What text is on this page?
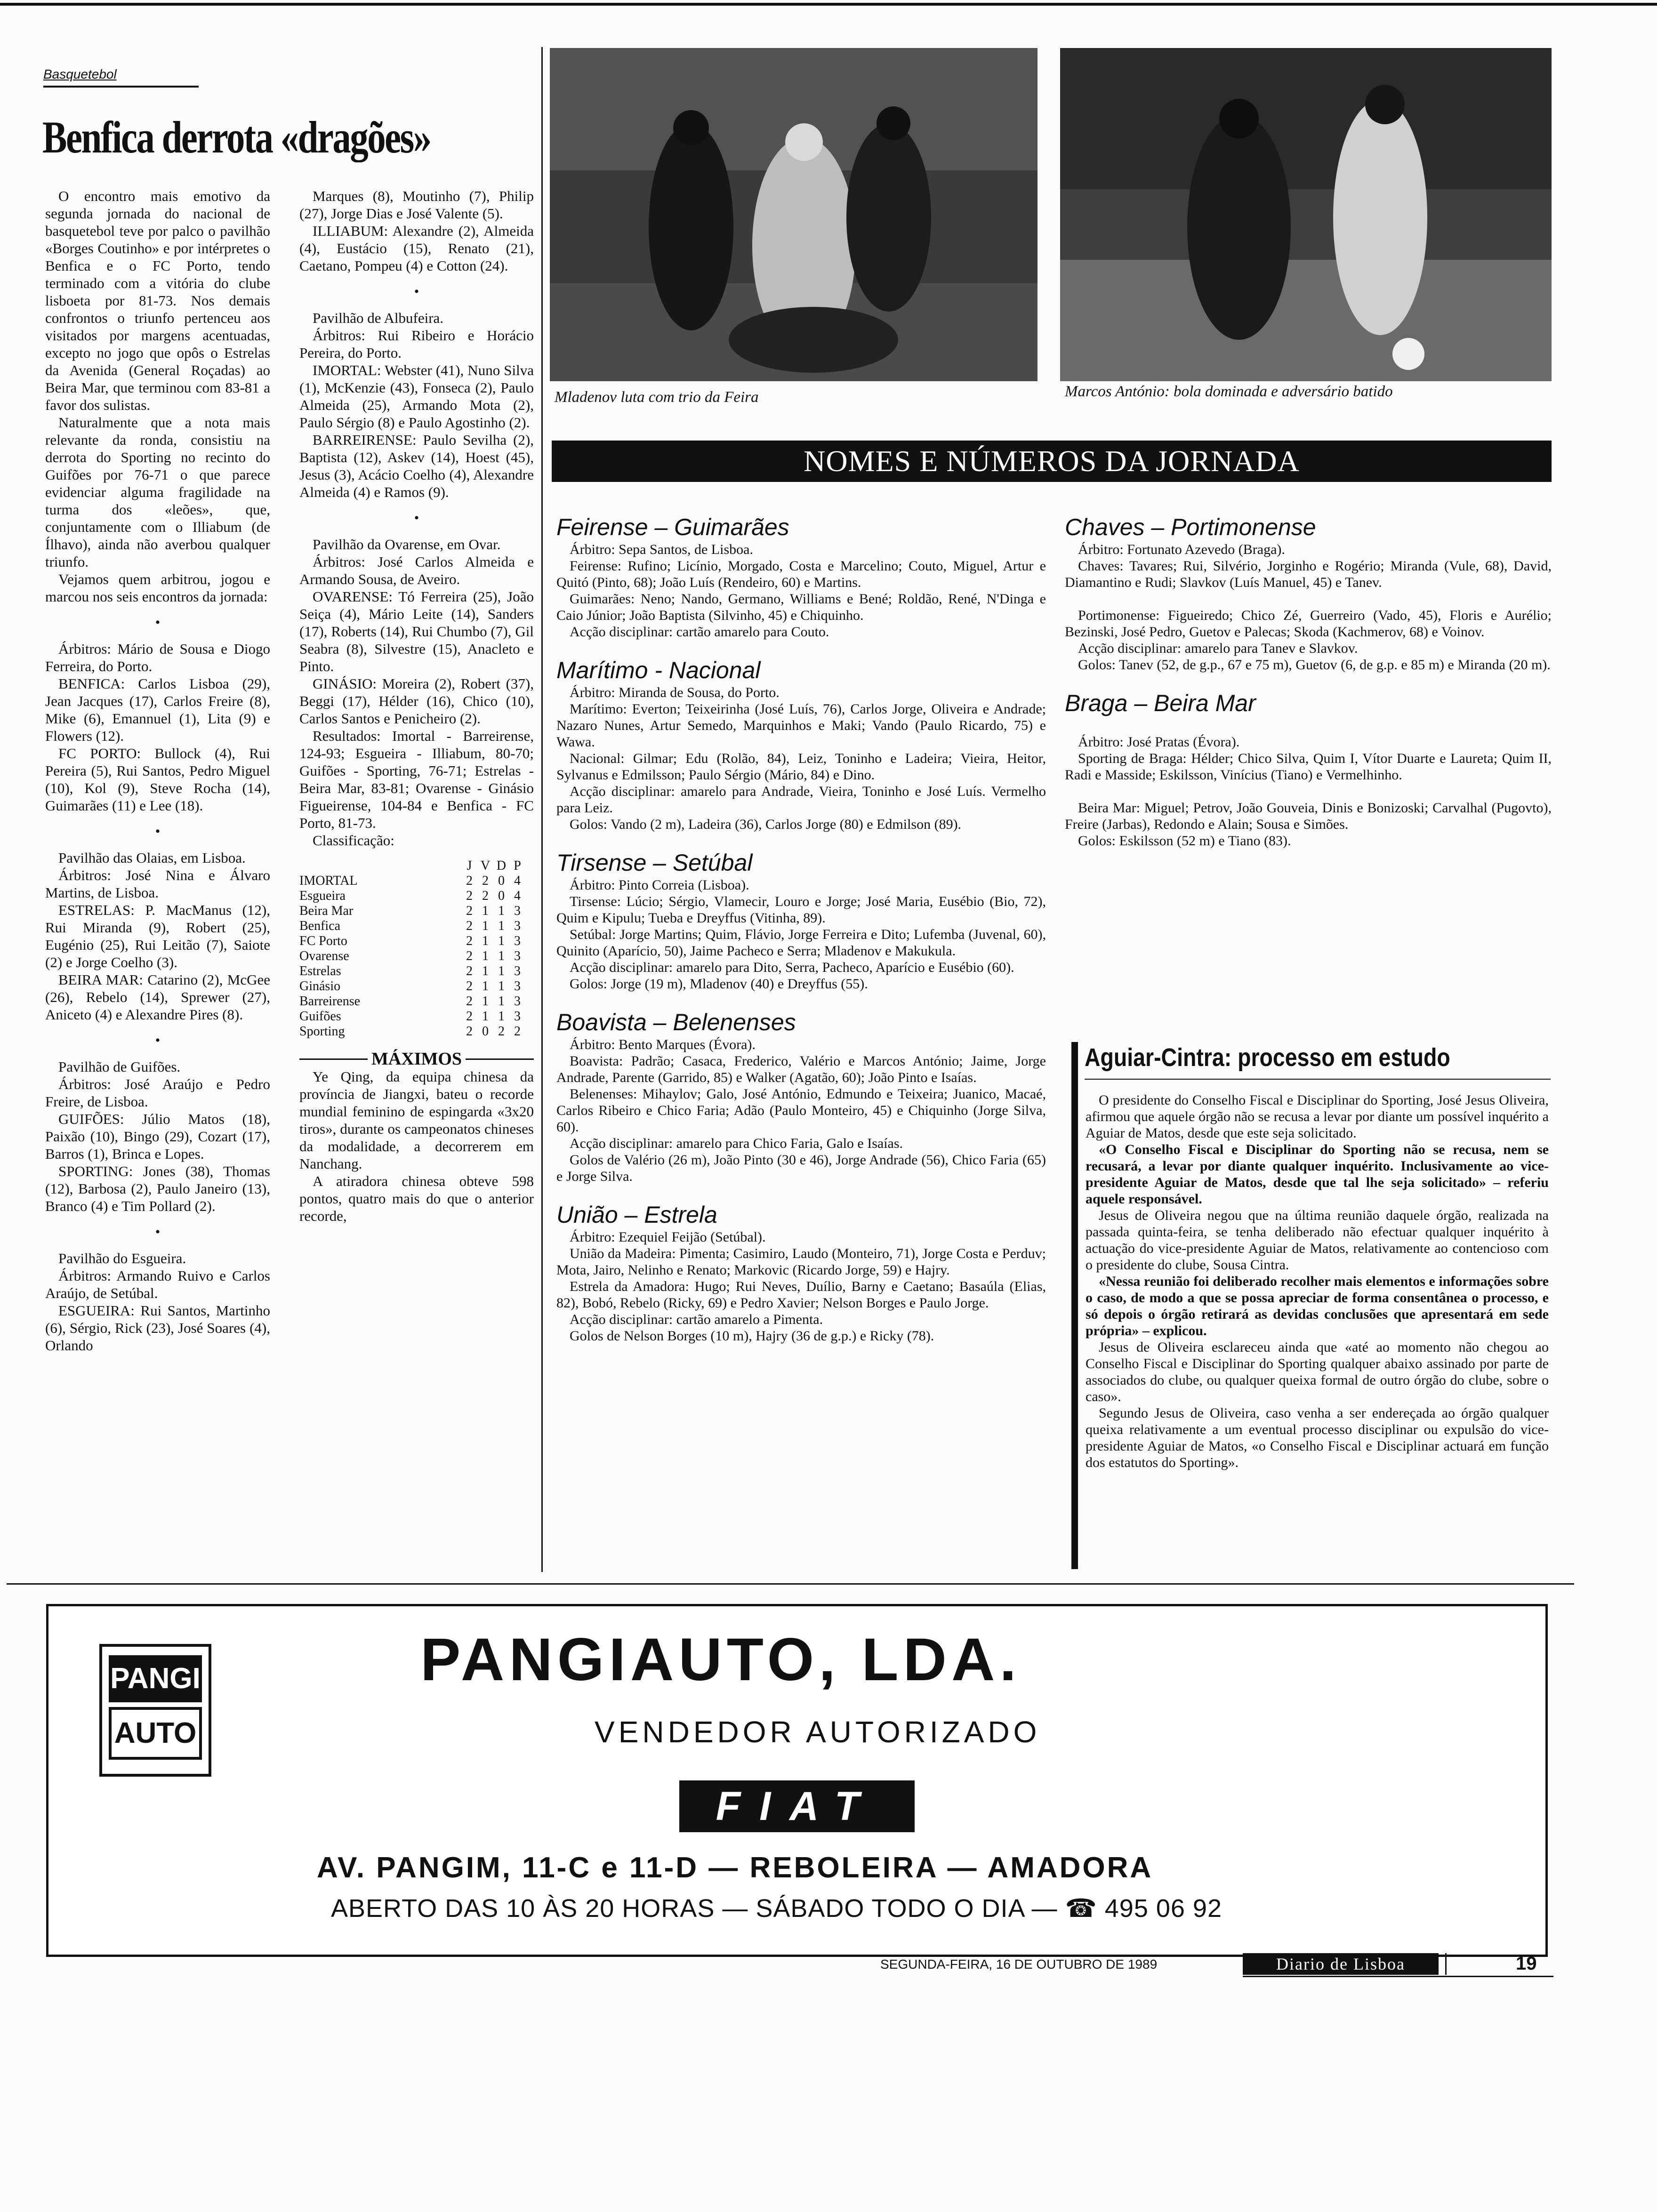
Basquetebol
Benfica derrota «dragões»

O encontro mais emotivo da segunda jornada do nacional de basquetebol teve por palco o pavilhão «Borges Coutinho» e por intérpretes o Benfica e o FC Porto, tendo terminado com a vitória do clube lisboeta por 81-73. Nos demais confrontos o triunfo pertenceu aos visitados por margens acentuadas, excepto no jogo que opôs o Estrelas da Avenida (General Roçadas) ao Beira Mar, que terminou com 83-81 a favor dos sulistas.

Naturalmente que a nota mais relevante da ronda, consistiu na derrota do Sporting no recinto do Guifões por 76-71 o que parece evidenciar alguma fragilidade na turma dos «leões», que, conjuntamente com o Illiabum (de Ílhavo), ainda não averbou qualquer triunfo.

Vejamos quem arbitrou, jogou e marcou nos seis encontros da jornada:

•

Árbitros: Mário de Sousa e Diogo Ferreira, do Porto.

BENFICA: Carlos Lisboa (29), Jean Jacques (17), Carlos Freire (8), Mike (6), Emannuel (1), Lita (9) e Flowers (12).

FC PORTO: Bullock (4), Rui Pereira (5), Rui Santos, Pedro Miguel (10), Kol (9), Steve Rocha (14), Guimarães (11) e Lee (18).

•

Pavilhão das Olaias, em Lisboa.

Árbitros: José Nina e Álvaro Martins, de Lisboa.

ESTRELAS: P. MacManus (12), Rui Miranda (9), Robert (25), Eugénio (25), Rui Leitão (7), Saiote (2) e Jorge Coelho (3).

BEIRA MAR: Catarino (2), McGee (26), Rebelo (14), Sprewer (27), Aniceto (4) e Alexandre Pires (8).

•

Pavilhão de Guifões.

Árbitros: José Araújo e Pedro Freire, de Lisboa.

GUIFÕES: Júlio Matos (18), Paixão (10), Bingo (29), Cozart (17), Barros (1), Brinca e Lopes.

SPORTING: Jones (38), Thomas (12), Barbosa (2), Paulo Janeiro (13), Branco (4) e Tim Pollard (2).

•

Pavilhão do Esgueira.

Árbitros: Armando Ruivo e Carlos Araújo, de Setúbal.

ESGUEIRA: Rui Santos, Martinho (6), Sérgio, Rick (23), José Soares (4), Orlando

Marques (8), Moutinho (7), Philip (27), Jorge Dias e José Valente (5).

ILLIABUM: Alexandre (2), Almeida (4), Eustácio (15), Renato (21), Caetano, Pompeu (4) e Cotton (24).

•

Pavilhão de Albufeira.

Árbitros: Rui Ribeiro e Horácio Pereira, do Porto.

IMORTAL: Webster (41), Nuno Silva (1), McKenzie (43), Fonseca (2), Paulo Almeida (25), Armando Mota (2), Paulo Sérgio (8) e Paulo Agostinho (2).

BARREIRENSE: Paulo Sevilha (2), Baptista (12), Askev (14), Hoest (45), Jesus (3), Acácio Coelho (4), Alexandre Almeida (4) e Ramos (9).

•

Pavilhão da Ovarense, em Ovar.

Árbitros: José Carlos Almeida e Armando Sousa, de Aveiro.

OVARENSE: Tó Ferreira (25), João Seiça (4), Mário Leite (14), Sanders (17), Roberts (14), Rui Chumbo (7), Gil Seabra (8), Silvestre (15), Anacleto e Pinto.

GINÁSIO: Moreira (2), Robert (37), Beggi (17), Hélder (16), Chico (10), Carlos Santos e Penicheiro (2).

Resultados: Imortal - Barreirense, 124-93; Esgueira - Illiabum, 80-70; Guifões - Sporting, 76-71; Estrelas - Beira Mar, 83-81; Ovarense - Ginásio Figueirense, 104-84 e Benfica - FC Porto, 81-73.

Classificação:

	J	V	D	P
IMORTAL	2	2	0	4
Esgueira	2	2	0	4
Beira Mar	2	1	1	3
Benfica	2	1	1	3
FC Porto	2	1	1	3
Ovarense	2	1	1	3
Estrelas	2	1	1	3
Ginásio	2	1	1	3
Barreirense	2	1	1	3
Guifões	2	1	1	3
Sporting	2	0	2	2
MÁXIMOS

Ye Qing, da equipa chinesa da província de Jiangxi, bateu o recorde mundial feminino de espingarda «3x20 tiros», durante os campeonatos chineses da modalidade, a decorrerem em Nanchang.

A atiradora chinesa obteve 598 pontos, quatro mais do que o anterior recorde,

Mladenov luta com trio da Feira	Marcos António: bola dominada e adversário batido
NOMES E NÚMEROS DA JORNADA
Feirense – Guimarães

Árbitro: Sepa Santos, de Lisboa.

Feirense: Rufino; Licínio, Morgado, Costa e Marcelino; Couto, Miguel, Artur e Quitó (Pinto, 68); João Luís (Rendeiro, 60) e Martins.

Guimarães: Neno; Nando, Germano, Williams e Bené; Roldão, René, N'Dinga e Caio Júnior; João Baptista (Silvinho, 45) e Chiquinho.

Acção disciplinar: cartão amarelo para Couto.

Marítimo - Nacional

Árbitro: Miranda de Sousa, do Porto.

Marítimo: Everton; Teixeirinha (José Luís, 76), Carlos Jorge, Oliveira e Andrade; Nazaro Nunes, Artur Semedo, Marquinhos e Maki; Vando (Paulo Ricardo, 75) e Wawa.

Nacional: Gilmar; Edu (Rolão, 84), Leiz, Toninho e Ladeira; Vieira, Heitor, Sylvanus e Edmilsson; Paulo Sérgio (Mário, 84) e Dino.

Acção disciplinar: amarelo para Andrade, Vieira, Toninho e José Luís. Vermelho para Leiz.

Golos: Vando (2 m), Ladeira (36), Carlos Jorge (80) e Edmilson (89).

Tirsense – Setúbal

Árbitro: Pinto Correia (Lisboa).

Tirsense: Lúcio; Sérgio, Vlamecir, Louro e Jorge; José Maria, Eusébio (Bio, 72), Quim e Kipulu; Tueba e Dreyffus (Vitinha, 89).

Setúbal: Jorge Martins; Quim, Flávio, Jorge Ferreira e Dito; Lufemba (Juvenal, 60), Quinito (Aparício, 50), Jaime Pacheco e Serra; Mladenov e Makukula.

Acção disciplinar: amarelo para Dito, Serra, Pacheco, Aparício e Eusébio (60).

Golos: Jorge (19 m), Mladenov (40) e Dreyffus (55).

Boavista – Belenenses

Árbitro: Bento Marques (Évora).

Boavista: Padrão; Casaca, Frederico, Valério e Marcos António; Jaime, Jorge Andrade, Parente (Garrido, 85) e Walker (Agatão, 60); João Pinto e Isaías.

Belenenses: Mihaylov; Galo, José António, Edmundo e Teixeira; Juanico, Macaé, Carlos Ribeiro e Chico Faria; Adão (Paulo Monteiro, 45) e Chiquinho (Jorge Silva, 60).

Acção disciplinar: amarelo para Chico Faria, Galo e Isaías.

Golos de Valério (26 m), João Pinto (30 e 46), Jorge Andrade (56), Chico Faria (65) e Jorge Silva.

União – Estrela

Árbitro: Ezequiel Feijão (Setúbal).

União da Madeira: Pimenta; Casimiro, Laudo (Monteiro, 71), Jorge Costa e Perduv; Mota, Jairo, Nelinho e Renato; Markovic (Ricardo Jorge, 59) e Hajry.

Estrela da Amadora: Hugo; Rui Neves, Duílio, Barny e Caetano; Basaúla (Elias, 82), Bobó, Rebelo (Ricky, 69) e Pedro Xavier; Nelson Borges e Paulo Jorge.

Acção disciplinar: cartão amarelo a Pimenta.

Golos de Nelson Borges (10 m), Hajry (36 de g.p.) e Ricky (78).

Chaves – Portimonense

Árbitro: Fortunato Azevedo (Braga).

Chaves: Tavares; Rui, Silvério, Jorginho e Rogério; Miranda (Vule, 68), David, Diamantino e Rudi; Slavkov (Luís Manuel, 45) e Tanev.

Portimonense: Figueiredo; Chico Zé, Guerreiro (Vado, 45), Floris e Aurélio; Bezinski, José Pedro, Guetov e Palecas; Skoda (Kachmerov, 68) e Voinov.

Acção disciplinar: amarelo para Tanev e Slavkov.

Golos: Tanev (52, de g.p., 67 e 75 m), Guetov (6, de g.p. e 85 m) e Miranda (20 m).

Braga – Beira Mar

Árbitro: José Pratas (Évora).

Sporting de Braga: Hélder; Chico Silva, Quim I, Vítor Duarte e Laureta; Quim II, Radi e Masside; Eskilsson, Vinícius (Tiano) e Vermelhinho.

Beira Mar: Miguel; Petrov, João Gouveia, Dinis e Bonizoski; Carvalhal (Pugovto), Freire (Jarbas), Redondo e Alain; Sousa e Simões.

Golos: Eskilsson (52 m) e Tiano (83).

Aguiar-Cintra: processo em estudo

O presidente do Conselho Fiscal e Disciplinar do Sporting, José Jesus Oliveira, afirmou que aquele órgão não se recusa a levar por diante um possível inquérito a Aguiar de Matos, desde que este seja solicitado.

«O Conselho Fiscal e Disciplinar do Sporting não se recusa, nem se recusará, a levar por diante qualquer inquérito. Inclusivamente ao vice-presidente Aguiar de Matos, desde que tal lhe seja solicitado» – referiu aquele responsável.

Jesus de Oliveira negou que na última reunião daquele órgão, realizada na passada quinta-feira, se tenha deliberado não efectuar qualquer inquérito à actuação do vice-presidente Aguiar de Matos, relativamente ao contencioso com o presidente do clube, Sousa Cintra.

«Nessa reunião foi deliberado recolher mais elementos e informações sobre o caso, de modo a que se possa apreciar de forma consentânea o processo, e só depois o órgão retirará as devidas conclusões que apresentará em sede própria» – explicou.

Jesus de Oliveira esclareceu ainda que «até ao momento não chegou ao Conselho Fiscal e Disciplinar do Sporting qualquer abaixo assinado por parte de associados do clube, ou qualquer queixa formal de outro órgão do clube, sobre o caso».

Segundo Jesus de Oliveira, caso venha a ser endereçada ao órgão qualquer queixa relativamente a um eventual processo disciplinar ou expulsão do vice-presidente Aguiar de Matos, «o Conselho Fiscal e Disciplinar actuará em função dos estatutos do Sporting».

PANGI
AUTO
PANGIAUTO, LDA.
VENDEDOR AUTORIZADO
FIAT
AV. PANGIM, 11-C e 11-D — REBOLEIRA — AMADORA
ABERTO DAS 10 ÀS 20 HORAS — SÁBADO TODO O DIA — ☎ 495 06 92
SEGUNDA-FEIRA, 16 DE OUTUBRO DE 1989	Diario de Lisboa	19
